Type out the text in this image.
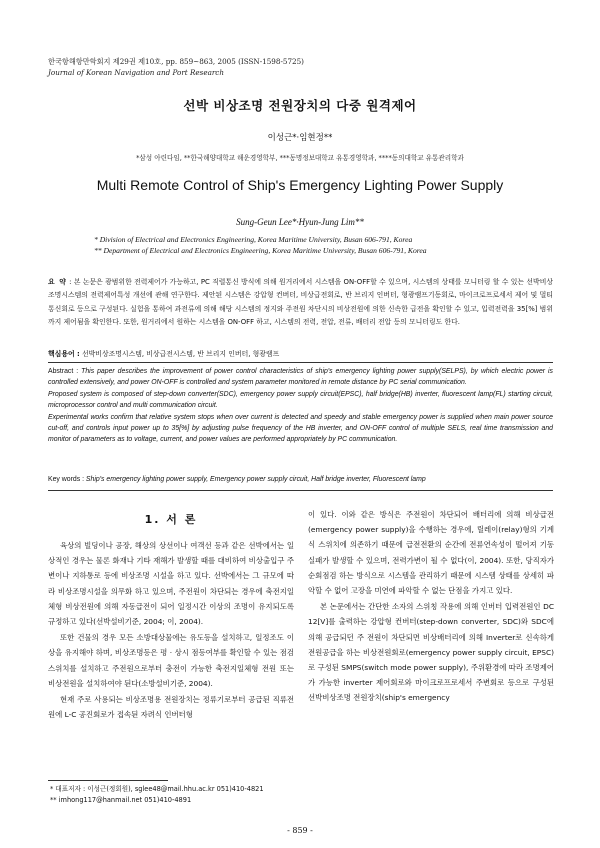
한국항해항만학회지 제29권 제10호, pp. 859~863, 2005 (ISSN-1598-5725)
Journal of Korean Navigation and Port Research
선박 비상조명 전원장치의 다중 원격제어
이성근*·임현정**
*삼성 아린다임, **한국해양대학교 해운경영학부, ***동명정보대학교 유통경영학과, ****동의대학교 유통관리학과
Multi Remote Control of Ship's Emergency Lighting Power Supply
Sung-Geun Lee*·Hyun-Jung Lim**
* Division of Electrical and Electronics Engineering, Korea Maritime University, Busan 606-791, Korea
** Department of Electrical and Electronics Engineering, Korea Maritime University, Busan 606-791, Korea
요 약 : 본 논문은 광범위한 전력제어가 가능하고, PC 직렬통신 방식에 의해 원거리에서 시스템을 ON-OFF할 수 있으며, 시스템의 상태를 모니터링 할 수 있는 선박비상조명시스템의 전력제어특성 개선에 관해 연구한다. 제안된 시스템은 강압형 컨버터, 비상급전회로, 반 브리지 인버터, 형광램프기동회로, 마이크로프로세서 제어 및 멀티통신회로 등으로 구성된다. 실험을 통하여 과전류에 의해 해당 시스템의 정지와 주전원 차단시의 비상전원에 의한 신속한 급전을 확인할 수 있고, 입력전력을 35[%] 범위까지 제어됨을 확인한다. 또한, 원거리에서 원하는 시스템을 ON-OFF 하고, 시스템의 전력, 전압, 전류, 배터리 전압 등의 모니터링도 한다.
핵심용어 : 선박비상조명시스템, 비상급전시스템, 반 브리지 인버터, 형광램프

Abstract : This paper describes the improvement of power control characteristics of ship's emergency lighting power supply(SELPS), by which electric power is controlled extensively, and power ON-OFF is controlled and system parameter monitored in remote distance by PC serial communication.

Proposed system is composed of step-down converter(SDC), emergency power supply circuit(EPSC), half bridge(HB) inverter, fluorescent lamp(FL) starting circuit, microprocessor control and multi communication circuit.

Experimental works confirm that relative system stops when over current is detected and speedy and stable emergency power is supplied when main power source cut-off, and controls input power up to 35[%] by adjusting pulse frequency of the HB inverter, and ON-OFF control of multiple SELS, real time transmission and monitor of parameters as to voltage, current, and power values are performed appropriately by PC communication.

Key words : Ship's emergency lighting power supply, Emergency power supply circuit, Half bridge inverter, Fluorescent lamp
1. 서 론

육상의 빌딩이나 공장, 해상의 상선이나 여객선 등과 같은 선박에서는 일상적인 경우는 물론 화재나 기타 재해가 발생할 때를 대비하여 비상출입구 주변이나 지하통로 등에 비상조명 시설을 하고 있다. 선박에서는 그 규모에 따라 비상조명시설을 의무화 하고 있으며, 주전원이 차단되는 경우에 축전지일체형 비상전원에 의해 자동급전이 되어 일정시간 이상의 조명이 유지되도록 규정하고 있다(선박설비기준, 2004; 이, 2004).

또한 건물의 경우 모든 소방대상물에는 유도등을 설치하고, 일정조도 이상을 유지해야 하며, 비상조명등은 평 · 상시 점등여부를 확인할 수 있는 점검스위치를 설치하고 주전원으로부터 충전이 가능한 축전지일체형 전원 또는 비상전원을 설치하여야 된다(소방설비기준, 2004).

현재 주로 사용되는 비상조명용 전원장치는 정류기로부터 공급된 직류전원에 L-C 공진회로가 접속된 자려식 인버터형

이 있다. 이와 같은 방식은 주전원이 차단되어 배터리에 의해 비상급전(emergency power supply)을 수행하는 경우에, 릴레이(relay)형의 기계식 스위치에 의존하기 때문에 급전전환의 순간에 전류연속성이 떨어져 기동실패가 발생할 수 있으며, 전력가변이 될 수 없다(이, 2004). 또한, 당직자가 순회점검 하는 방식으로 시스템을 관리하기 때문에 시스템 상태를 상세히 파악할 수 없어 고장을 미연에 파악할 수 없는 단점을 가지고 있다.

본 논문에서는 간단한 소자의 스위칭 작용에 의해 인버터 입력전원인 DC 12[V]를 출력하는 강압형 컨버터(step-down converter, SDC)와 SDC에 의해 공급되던 주 전원이 차단되면 비상배터리에 의해 Inverter로 신속하게 전원공급을 하는 비상전원회로(emergency power supply circuit, EPSC)로 구성된 SMPS(switch mode power supply), 주위환경에 따라 조명제어가 가능한 inverter 제어회로와 마이크로프로세서 주변회로 등으로 구성된 선박비상조명 전원장치(ship's emergency

* 대표저자 : 이성근(정회원), sglee48@mail.hhu.ac.kr 051)410-4821
** imhong117@hanmail.net 051)410-4891
- 859 -
